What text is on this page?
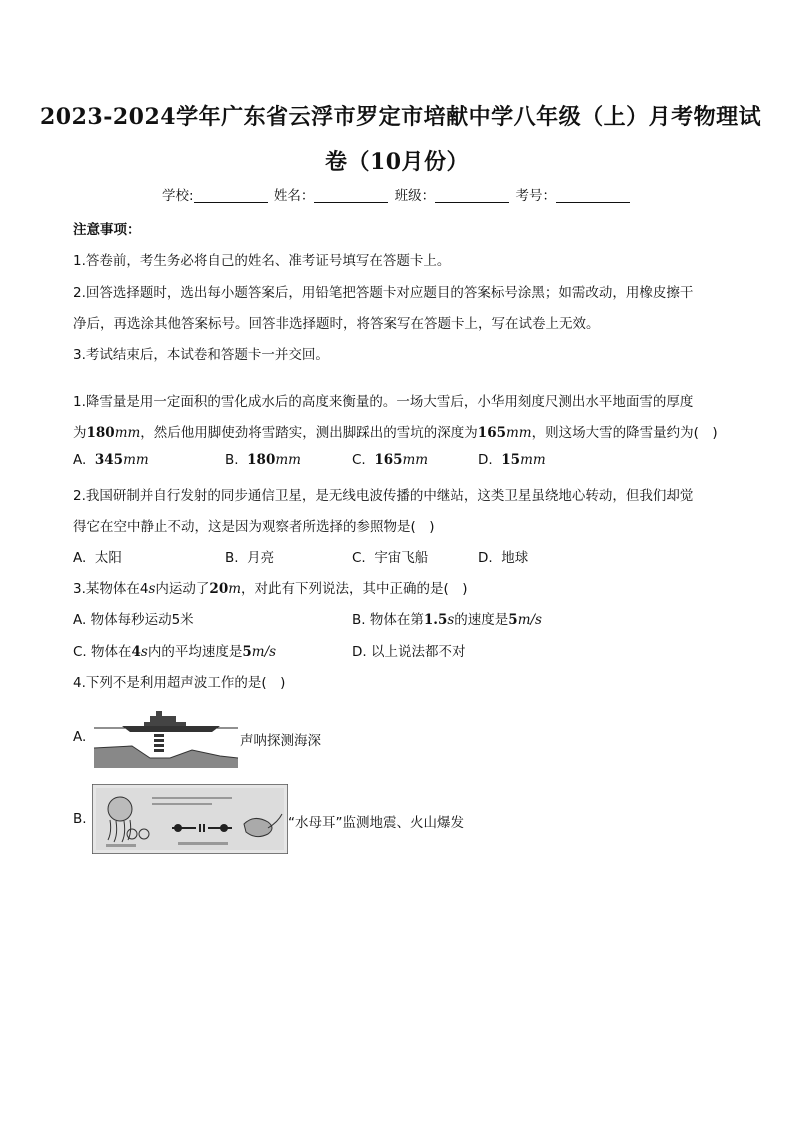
2023-2024学年广东省云浮市罗定市培献中学八年级（上）月考物理试
卷（10月份）
学校:	姓名：	班级：	考号：
注意事项：
1.答卷前，考生务必将自己的姓名、准考证号填写在答题卡上。
2.回答选择题时，选出每小题答案后，用铅笔把答题卡对应题目的答案标号涂黑；如需改动，用橡皮擦干
净后，再选涂其他答案标号。回答非选择题时，将答案写在答题卡上，写在试卷上无效。
3.考试结束后，本试卷和答题卡一并交回。
1.降雪量是用一定面积的雪化成水后的高度来衡量的。一场大雪后，小华用刻度尺测出水平地面雪的厚度
为180mm，然后他用脚使劲将雪踏实，测出脚踩出的雪坑的深度为165mm，则这场大雪的降雪量约为(　)
A. 345mm	B. 180mm	C. 165mm	D. 15mm
2.我国研制并自行发射的同步通信卫星，是无线电波传播的中继站，这类卫星虽绕地心转动，但我们却觉
得它在空中静止不动，这是因为观察者所选择的参照物是(　)
A. 太阳	B. 月亮	C. 宇宙飞船	D. 地球
3.某物体在4s内运动了20m，对此有下列说法，其中正确的是(　)
A. 物体每秒运动5米	B. 物体在第1.5s的速度是5m/s
C. 物体在4s内的平均速度是5m/s	D. 以上说法都不对
4.下列不是利用超声波工作的是(　)
A.	声呐探测海深
B.	“水母耳”监测地震、火山爆发
